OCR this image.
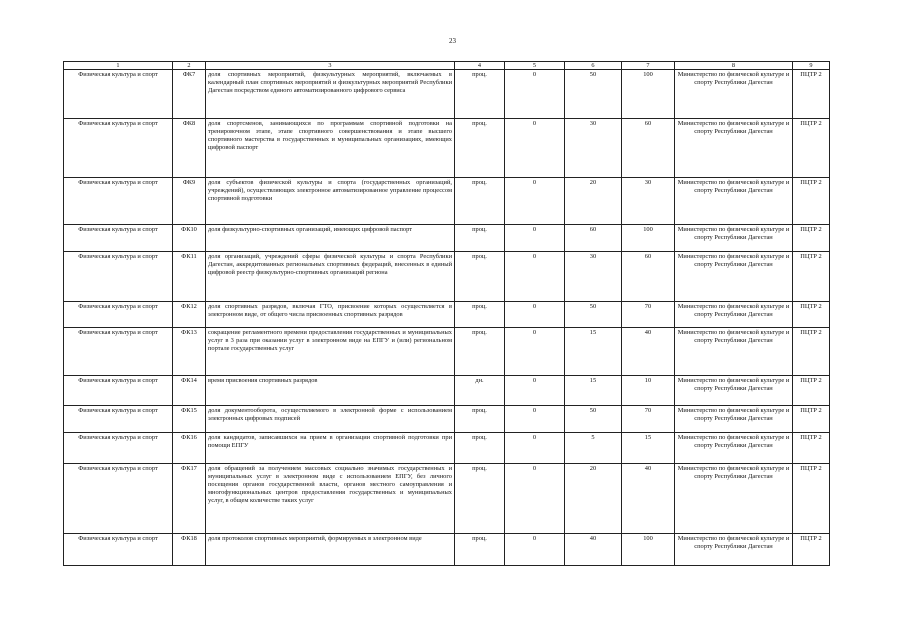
23
1	2	3	4	5	6	7	8	9
Физическая культура и спорт	ФК7	доля спортивных мероприятий, физкультурных мероприятий, включаемых в календарный план спортивных мероприятий и физкультурных мероприятий Республики Дагестан посредством единого автоматизированного цифрового сервиса	проц.	0	50	100	Министерство по физической культуре и спорту Республики Дагестан	ПЦТР 2
Физическая культура и спорт	ФК8	доля спортсменов, занимающихся по программам спортивной подготовки на тренировочном этапе, этапе спортивного совершенствования и этапе высшего спортивного мастерства в государственных и муниципальных организациях, имеющих цифровой паспорт	проц.	0	30	60	Министерство по физической культуре и спорту Республики Дагестан	ПЦТР 2
Физическая культура и спорт	ФК9	доля субъектов физической культуры и спорта (государственных организаций, учреждений), осуществляющих электронное автоматизированное управление процессом спортивной подготовки	проц.	0	20	30	Министерство по физической культуре и спорту Республики Дагестан	ПЦТР 2
Физическая культура и спорт	ФК10	доля физкультурно-спортивных организаций, имеющих цифровой паспорт	проц.	0	60	100	Министерство по физической культуре и спорту Республики Дагестан	ПЦТР 2
Физическая культура и спорт	ФК11	доля организаций, учреждений сферы физической культуры и спорта Республики Дагестан, аккредитованных региональных спортивных федераций, внесенных в единый цифровой реестр физкультурно-спортивных организаций региона	проц.	0	30	60	Министерство по физической культуре и спорту Республики Дагестан	ПЦТР 2
Физическая культура и спорт	ФК12	доля спортивных разрядов, включая ГТО, присвоение которых осуществляется в электронном виде, от общего числа присвоенных спортивных разрядов	проц.	0	50	70	Министерство по физической культуре и спорту Республики Дагестан	ПЦТР 2
Физическая культура и спорт	ФК13	сокращение регламентного времени предоставления государственных и муниципальных услуг в 3 раза при оказании услуг в электронном виде на ЕПГУ и (или) региональном портале государственных услуг	проц.	0	15	40	Министерство по физической культуре и спорту Республики Дагестан	ПЦТР 2
Физическая культура и спорт	ФК14	время присвоения спортивных разрядов	дн.	0	15	10	Министерство по физической культуре и спорту Республики Дагестан	ПЦТР 2
Физическая культура и спорт	ФК15	доля документооборота, осуществляемого в электронной форме с использованием электронных цифровых подписей	проц.	0	50	70	Министерство по физической культуре и спорту Республики Дагестан	ПЦТР 2
Физическая культура и спорт	ФК16	доля кандидатов, записавшихся на прием в организации спортивной подготовки при помощи ЕПГУ	проц.	0	5	15	Министерство по физической культуре и спорту Республики Дагестан	ПЦТР 2
Физическая культура и спорт	ФК17	доля обращений за получением массовых социально значимых государственных и муниципальных услуг в электронном виде с использованием ЕПГУ, без личного посещения органов государственной власти, органов местного самоуправления и многофункциональных центров предоставления государственных и муниципальных услуг, в общем количестве таких услуг	проц.	0	20	40	Министерство по физической культуре и спорту Республики Дагестан	ПЦТР 2
Физическая культура и спорт	ФК18	доля протоколов спортивных мероприятий, формируемых в электронном виде	проц.	0	40	100	Министерство по физической культуре и спорту Республики Дагестан	ПЦТР 2
